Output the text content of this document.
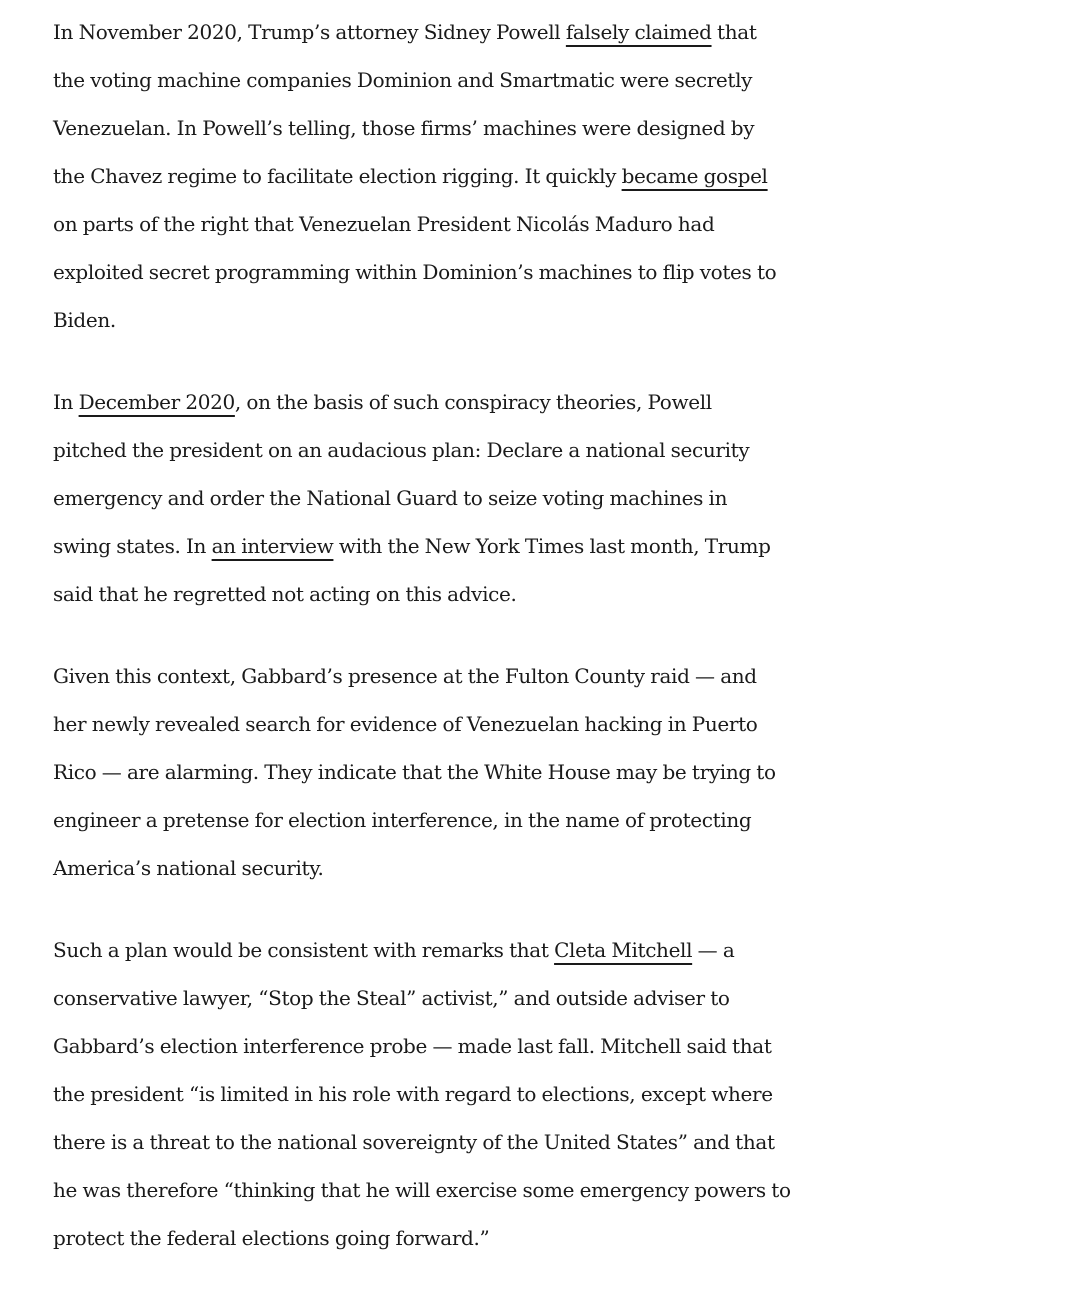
In November 2020, Trump’s attorney Sidney Powell falsely claimed that
the voting machine companies Dominion and Smartmatic were secretly
Venezuelan. In Powell’s telling, those firms’ machines were designed by
the Chavez regime to facilitate election rigging. It quickly became gospel
on parts of the right that Venezuelan President Nicolás Maduro had
exploited secret programming within Dominion’s machines to flip votes to
Biden.

In December 2020, on the basis of such conspiracy theories, Powell
pitched the president on an audacious plan: Declare a national security
emergency and order the National Guard to seize voting machines in
swing states. In an interview with the New York Times last month, Trump
said that he regretted not acting on this advice.

Given this context, Gabbard’s presence at the Fulton County raid — and
her newly revealed search for evidence of Venezuelan hacking in Puerto
Rico — are alarming. They indicate that the White House may be trying to
engineer a pretense for election interference, in the name of protecting
America’s national security.

Such a plan would be consistent with remarks that Cleta Mitchell — a
conservative lawyer, “Stop the Steal” activist,” and outside adviser to
Gabbard’s election interference probe — made last fall. Mitchell said that
the president “is limited in his role with regard to elections, except where
there is a threat to the national sovereignty of the United States” and that
he was therefore “thinking that he will exercise some emergency powers to
protect the federal elections going forward.”
